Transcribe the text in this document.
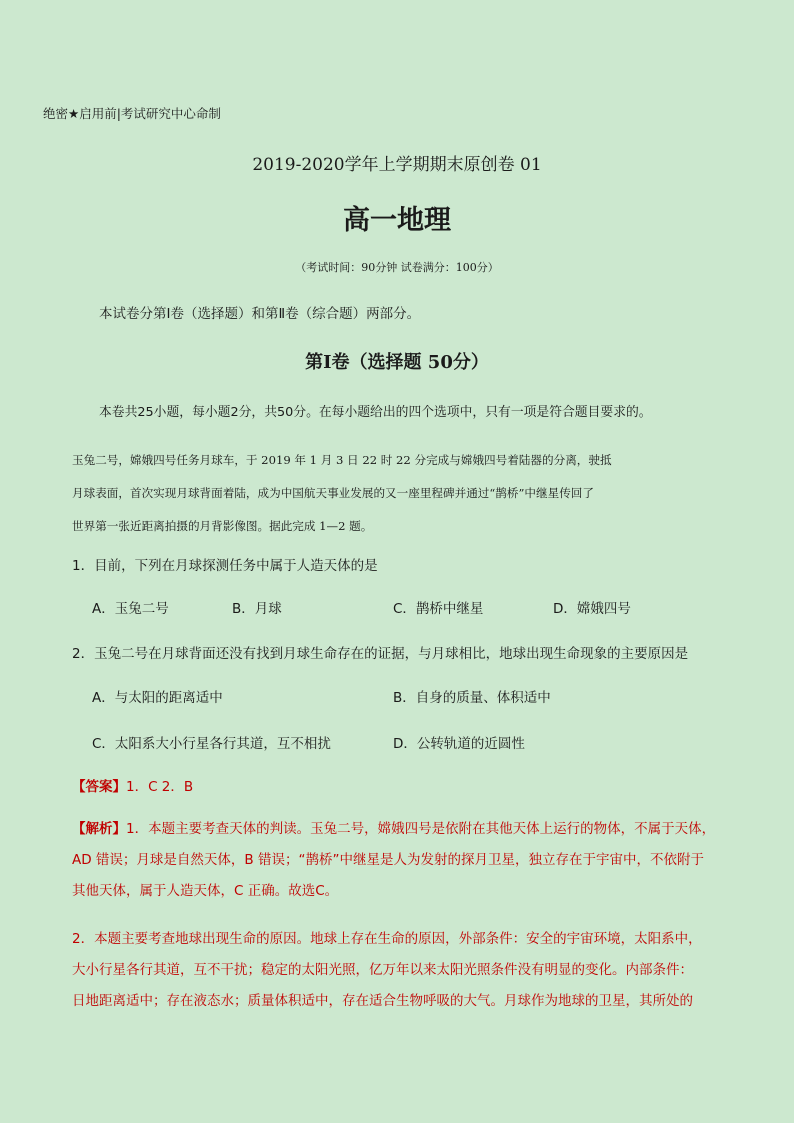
绝密★启用前|考试研究中心命制
2019-2020学年上学期期末原创卷 01
高一地理
（考试时间：90分钟 试卷满分：100分）
本试卷分第Ⅰ卷（选择题）和第Ⅱ卷（综合题）两部分。
第Ⅰ卷（选择题 50分）
本卷共25小题，每小题2分，共50分。在每小题给出的四个选项中，只有一项是符合题目要求的。

玉兔二号，嫦娥四号任务月球车，于 2019 年 1 月 3 日 22 时 22 分完成与嫦娥四号着陆器的分离，驶抵

月球表面，首次实现月球背面着陆，成为中国航天事业发展的又一座里程碑并通过“鹊桥”中继星传回了

世界第一张近距离拍摄的月背影像图。据此完成 1—2 题。

1．目前，下列在月球探测任务中属于人造天体的是
A．玉兔二号	B．月球	C．鹊桥中继星	D．嫦娥四号
2．玉兔二号在月球背面还没有找到月球生命存在的证据，与月球相比，地球出现生命现象的主要原因是
A．与太阳的距离适中	B．自身的质量、体积适中
C．太阳系大小行星各行其道，互不相扰	D．公转轨道的近圆性
【答案】1．C 2．B

【解析】1．本题主要考查天体的判读。玉兔二号，嫦娥四号是依附在其他天体上运行的物体，不属于天体，

AD 错误；月球是自然天体，B 错误；“鹊桥”中继星是人为发射的探月卫星，独立存在于宇宙中，不依附于

其他天体，属于人造天体，C 正确。故选C。

2．本题主要考查地球出现生命的原因。地球上存在生命的原因，外部条件：安全的宇宙环境，太阳系中，

大小行星各行其道，互不干扰；稳定的太阳光照，亿万年以来太阳光照条件没有明显的变化。内部条件：

日地距离适中；存在液态水；质量体积适中，存在适合生物呼吸的大气。月球作为地球的卫星，其所处的
